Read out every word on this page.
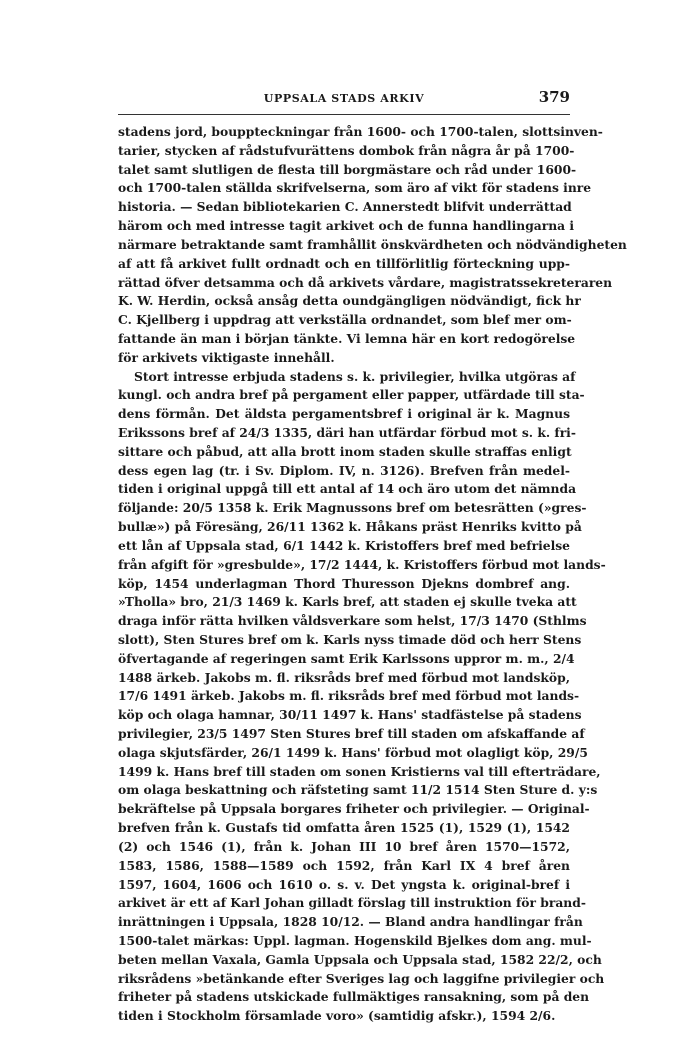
UPPSALA STADS ARKIV	379
stadens jord, bouppteckningar från 1600- och 1700-talen, slottsinven-
tarier, stycken af rådstufvurättens dombok från några år på 1700-
talet samt slutligen de flesta till borgmästare och råd under 1600-
och 1700-talen ställda skrifvelserna, som äro af vikt för stadens inre
historia. — Sedan bibliotekarien C. Annerstedt blifvit underrättad
härom och med intresse tagit arkivet och de funna handlingarna i
närmare betraktande samt framhållit önskvärdheten och nödvändigheten
af att få arkivet fullt ordnadt och en tillförlitlig förteckning upp-
rättad öfver detsamma och då arkivets vårdare, magistratssekreteraren
K. W. Herdin, också ansåg detta oundgängligen nödvändigt, fick hr
C. Kjellberg i uppdrag att verkställa ordnandet, som blef mer om-
fattande än man i början tänkte. Vi lemna här en kort redogörelse
för arkivets viktigaste innehåll.
Stort intresse erbjuda stadens s. k. privilegier, hvilka utgöras af
kungl. och andra bref på pergament eller papper, utfärdade till sta-
dens förmån. Det äldsta pergamentsbref i original är k. Magnus
Erikssons bref af 24/3 1335, däri han utfärdar förbud mot s. k. fri-
sittare och påbud, att alla brott inom staden skulle straffas enligt
dess egen lag (tr. i Sv. Diplom. IV, n. 3126). Brefven från medel-
tiden i original uppgå till ett antal af 14 och äro utom det nämnda
följande: 20/5 1358 k. Erik Magnussons bref om betesrätten (»gres-
bullæ») på Föresäng, 26/11 1362 k. Håkans präst Henriks kvitto på
ett lån af Uppsala stad, 6/1 1442 k. Kristoffers bref med befrielse
från afgift för »gresbulde», 17/2 1444, k. Kristoffers förbud mot lands-
köp, 1454 underlagman Thord Thuresson Djekns dombref ang.
»Tholla» bro, 21/3 1469 k. Karls bref, att staden ej skulle tveka att
draga inför rätta hvilken våldsverkare som helst, 17/3 1470 (Sthlms
slott), Sten Stures bref om k. Karls nyss timade död och herr Stens
öfvertagande af regeringen samt Erik Karlssons uppror m. m., 2/4
1488 ärkeb. Jakobs m. fl. riksråds bref med förbud mot landsköp,
17/6 1491 ärkeb. Jakobs m. fl. riksråds bref med förbud mot lands-
köp och olaga hamnar, 30/11 1497 k. Hans' stadfästelse på stadens
privilegier, 23/5 1497 Sten Stures bref till staden om afskaffande af
olaga skjutsfärder, 26/1 1499 k. Hans' förbud mot olagligt köp, 29/5
1499 k. Hans bref till staden om sonen Kristierns val till efterträdare,
om olaga beskattning och räfsteting samt 11/2 1514 Sten Sture d. y:s
bekräftelse på Uppsala borgares friheter och privilegier. — Original-
brefven från k. Gustafs tid omfatta åren 1525 (1), 1529 (1), 1542
(2) och 1546 (1), från k. Johan III 10 bref åren 1570—1572,
1583, 1586, 1588—1589 och 1592, från Karl IX 4 bref åren
1597, 1604, 1606 och 1610 o. s. v. Det yngsta k. original-bref i
arkivet är ett af Karl Johan gilladt förslag till instruktion för brand-
inrättningen i Uppsala, 1828 10/12. — Bland andra handlingar från
1500-talet märkas: Uppl. lagman. Hogenskild Bjelkes dom ang. mul-
beten mellan Vaxala, Gamla Uppsala och Uppsala stad, 1582 22/2, och
riksrådens »betänkande efter Sveriges lag och laggifne privilegier och
friheter på stadens utskickade fullmäktiges ransakning, som på den
tiden i Stockholm församlade voro» (samtidig afskr.), 1594 2/6.
